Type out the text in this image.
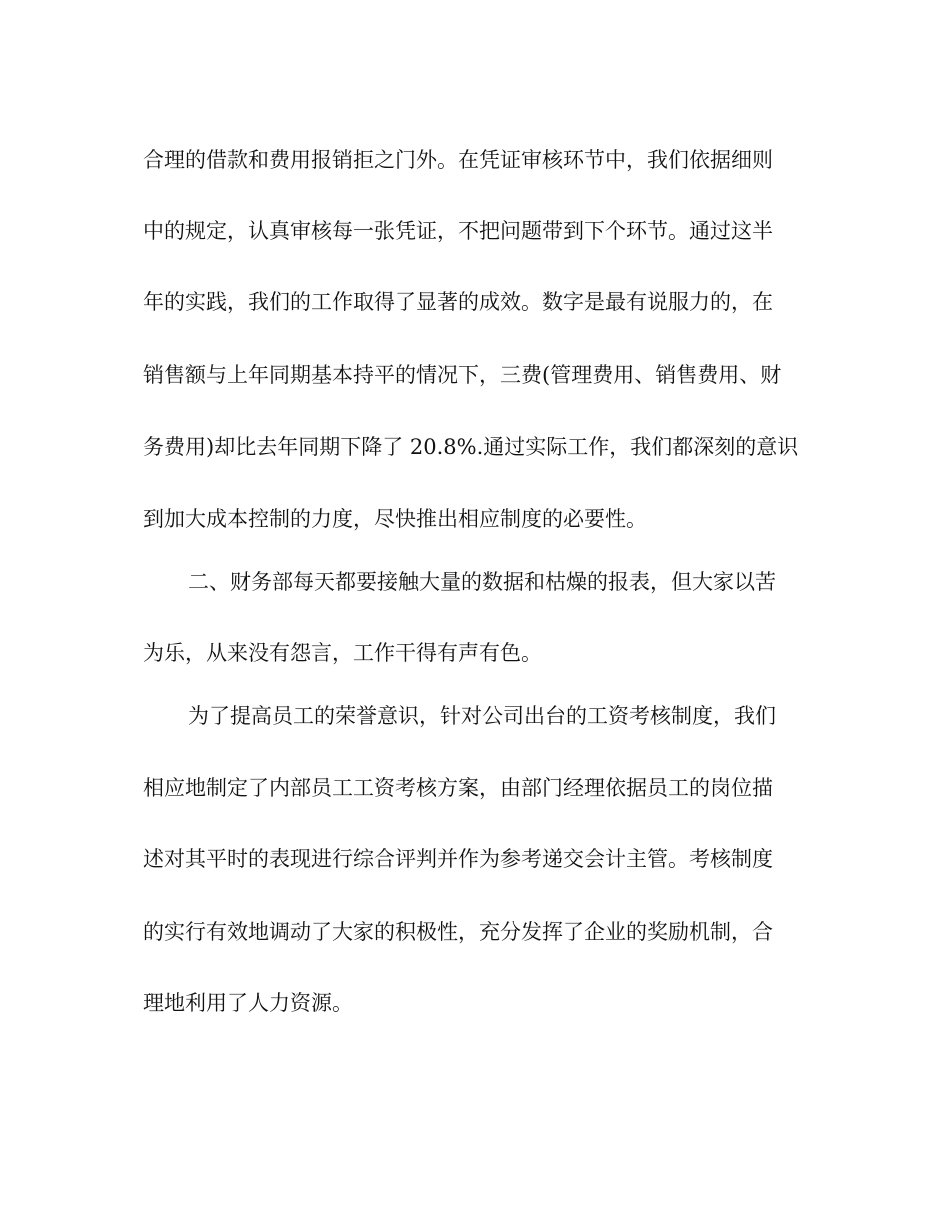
合理的借款和费用报销拒之门外。在凭证审核环节中，我们依据细则
中的规定，认真审核每一张凭证，不把问题带到下个环节。通过这半
年的实践，我们的工作取得了显著的成效。数字是最有说服力的，在
销售额与上年同期基本持平的情况下，三费(管理费用、销售费用、财
务费用)却比去年同期下降了 20.8%.通过实际工作，我们都深刻的意识
到加大成本控制的力度，尽快推出相应制度的必要性。
二、财务部每天都要接触大量的数据和枯燥的报表，但大家以苦
为乐，从来没有怨言，工作干得有声有色。
为了提高员工的荣誉意识，针对公司出台的工资考核制度，我们
相应地制定了内部员工工资考核方案，由部门经理依据员工的岗位描
述对其平时的表现进行综合评判并作为参考递交会计主管。考核制度
的实行有效地调动了大家的积极性，充分发挥了企业的奖励机制，合
理地利用了人力资源。
